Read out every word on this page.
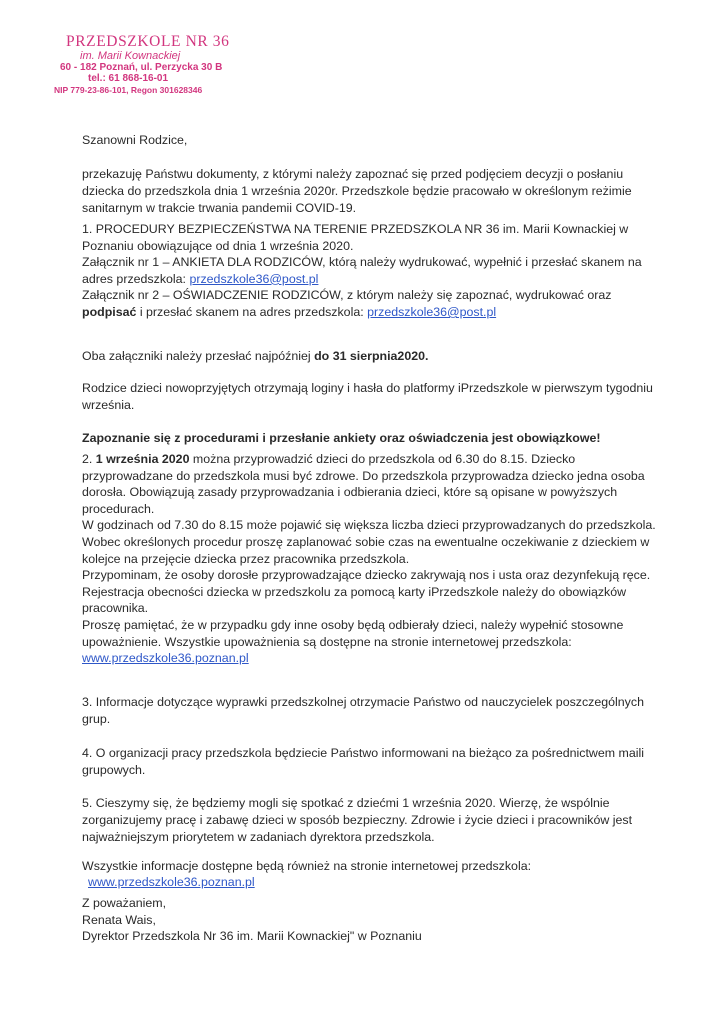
PRZEDSZKOLE NR 36
im. Marii Kownackiej
60 - 182 Poznań, ul. Perzycka 30 B
tel.: 61 868-16-01
NIP 779-23-86-101, Regon 301628346

Szanowni Rodzice,

przekazuję Państwu dokumenty, z którymi należy zapoznać się przed podjęciem decyzji o posłaniu dziecka do przedszkola dnia 1 września 2020r. Przedszkole będzie pracowało w określonym reżimie sanitarnym w trakcie trwania pandemii COVID-19.

1. PROCEDURY BEZPIECZEŃSTWA NA TERENIE PRZEDSZKOLA NR 36 im. Marii Kownackiej w Poznaniu obowiązujące od dnia 1 września 2020.

Załącznik nr 1 – ANKIETA DLA RODZICÓW, którą należy wydrukować, wypełnić i przesłać skanem na adres przedszkola: przedszkole36@post.pl

Załącznik nr 2 – OŚWIADCZENIE RODZICÓW, z którym należy się zapoznać, wydrukować oraz podpisać i przesłać skanem na adres przedszkola: przedszkole36@post.pl

Oba załączniki należy przesłać najpóźniej do 31 sierpnia2020.

Rodzice dzieci nowoprzyjętych otrzymają loginy i hasła do platformy iPrzedszkole w pierwszym tygodniu września.

Zapoznanie się z procedurami i przesłanie ankiety oraz oświadczenia jest obowiązkowe!

2. 1 września 2020 można przyprowadzić dzieci do przedszkola od 6.30 do 8.15. Dziecko przyprowadzane do przedszkola musi być zdrowe. Do przedszkola przyprowadza dziecko jedna osoba dorosła. Obowiązują zasady przyprowadzania i odbierania dzieci, które są opisane w powyższych procedurach.

W godzinach od 7.30 do 8.15 może pojawić się większa liczba dzieci przyprowadzanych do przedszkola. Wobec określonych procedur proszę zaplanować sobie czas na ewentualne oczekiwanie z dzieckiem w kolejce na przejęcie dziecka przez pracownika przedszkola.

Przypominam, że osoby dorosłe przyprowadzające dziecko zakrywają nos i usta oraz dezynfekują ręce.

Rejestracja obecności dziecka w przedszkolu za pomocą karty iPrzedszkole należy do obowiązków pracownika.

Proszę pamiętać, że w przypadku gdy inne osoby będą odbierały dzieci, należy wypełnić stosowne upoważnienie. Wszystkie upoważnienia są dostępne na stronie internetowej przedszkola:

www.przedszkole36.poznan.pl

3. Informacje dotyczące wyprawki przedszkolnej otrzymacie Państwo od nauczycielek poszczególnych grup.

4. O organizacji pracy przedszkola będziecie Państwo informowani na bieżąco za pośrednictwem maili grupowych.

5. Cieszymy się, że będziemy mogli się spotkać z dziećmi 1 września 2020. Wierzę, że wspólnie zorganizujemy pracę i zabawę dzieci w sposób bezpieczny. Zdrowie i życie dzieci i pracowników jest najważniejszym priorytetem w zadaniach dyrektora przedszkola.

Wszystkie informacje dostępne będą również na stronie internetowej przedszkola:

www.przedszkole36.poznan.pl

Z poważaniem,

Renata Wais,

Dyrektor Przedszkola Nr 36 im. Marii Kownackiej" w Poznaniu
